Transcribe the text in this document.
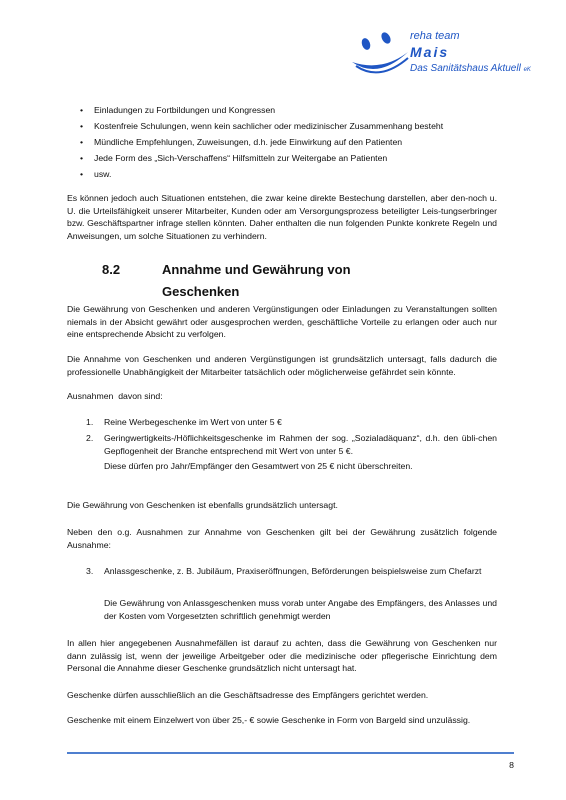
reha team
Mais
Das Sanitätshaus Aktuell eK
• Einladungen zu Fortbildungen und Kongressen
• Kostenfreie Schulungen, wenn kein sachlicher oder medizinischer Zusammenhang besteht
• Mündliche Empfehlungen, Zuweisungen, d.h. jede Einwirkung auf den Patienten
• Jede Form des „Sich-Verschaffens“ Hilfsmitteln zur Weitergabe an Patienten
• usw.
Es können jedoch auch Situationen entstehen, die zwar keine direkte Bestechung darstellen, aber den-noch u. U. die Urteilsfähigkeit unserer Mitarbeiter, Kunden oder am Versorgungsprozess beteiligter Leis-tungserbringer bzw. Geschäftspartner infrage stellen könnten. Daher enthalten die nun folgenden Punkte konkrete Regeln und Anweisungen, um solche Situationen zu verhindern.
8.2	Annahme und Gewährung von
Geschenken
Die Gewährung von Geschenken und anderen Vergünstigungen oder Einladungen zu Veranstaltungen sollten niemals in der Absicht gewährt oder ausgesprochen werden, geschäftliche Vorteile zu erlangen oder auch nur eine entsprechende Absicht zu verfolgen.
Die Annahme von Geschenken und anderen Vergünstigungen ist grundsätzlich untersagt, falls dadurch die professionelle Unabhängigkeit der Mitarbeiter tatsächlich oder möglicherweise gefährdet sein könnte.
Ausnahmen  davon sind:
1. Reine Werbegeschenke im Wert von unter 5 €
2. Geringwertigkeits-/Höflichkeitsgeschenke im Rahmen der sog. „Sozialadäquanz“, d.h. den übli-chen Gepflogenheit der Branche entsprechend mit Wert von unter 5 €.
Diese dürfen pro Jahr/Empfänger den Gesamtwert von 25 € nicht überschreiten.
Die Gewährung von Geschenken ist ebenfalls grundsätzlich untersagt.
Neben den o.g. Ausnahmen zur Annahme von Geschenken gilt bei der Gewährung zusätzlich folgende Ausnahme:
3. Anlassgeschenke, z. B. Jubiläum, Praxiseröffnungen, Beförderungen beispielsweise zum Chefarzt
Die Gewährung von Anlassgeschenken muss vorab unter Angabe des Empfängers, des Anlasses und der Kosten vom Vorgesetzten schriftlich genehmigt werden
In allen hier angegebenen Ausnahmefällen ist darauf zu achten, dass die Gewährung von Geschenken nur dann zulässig ist, wenn der jeweilige Arbeitgeber oder die medizinische oder pflegerische Einrichtung dem Personal die Annahme dieser Geschenke grundsätzlich nicht untersagt hat.
Geschenke dürfen ausschließlich an die Geschäftsadresse des Empfängers gerichtet werden.
Geschenke mit einem Einzelwert von über 25,- € sowie Geschenke in Form von Bargeld sind unzulässig.
8
